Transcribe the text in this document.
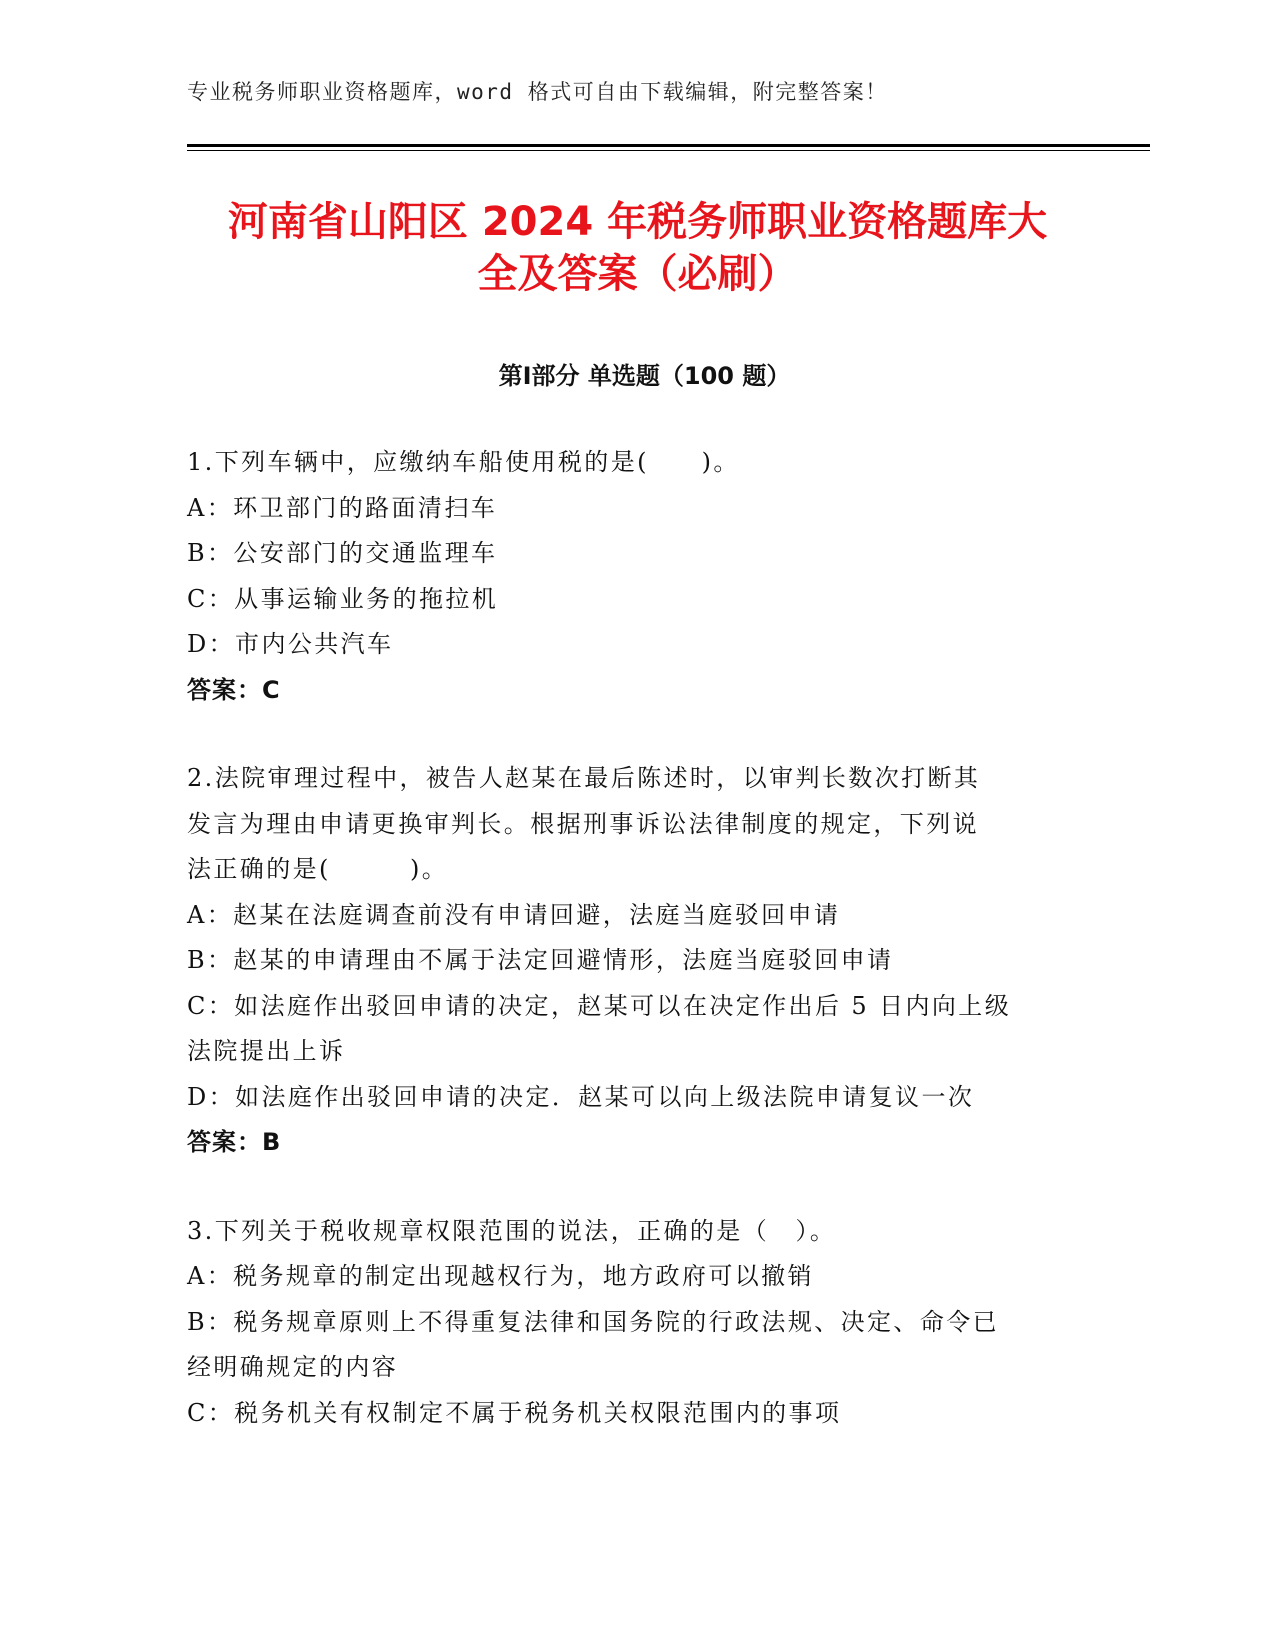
专业税务师职业资格题库，word 格式可自由下载编辑，附完整答案！
河南省山阳区 2024 年税务师职业资格题库大
全及答案（必刷）
第Ⅰ部分 单选题（100 题）
1.下列车辆中，应缴纳车船使用税的是(　　)。
A：环卫部门的路面清扫车
B：公安部门的交通监理车
C：从事运输业务的拖拉机
D：市内公共汽车
答案：C
2.法院审理过程中，被告人赵某在最后陈述时，以审判长数次打断其
发言为理由申请更换审判长。根据刑事诉讼法律制度的规定，下列说
法正确的是(　　　)。
A：赵某在法庭调查前没有申请回避，法庭当庭驳回申请
B：赵某的申请理由不属于法定回避情形，法庭当庭驳回申请
C：如法庭作出驳回申请的决定，赵某可以在决定作出后 5 日内向上级
法院提出上诉
D：如法庭作出驳回申请的决定．赵某可以向上级法院申请复议一次
答案：B
3.下列关于税收规章权限范围的说法，正确的是（　）。
A：税务规章的制定出现越权行为，地方政府可以撤销
B：税务规章原则上不得重复法律和国务院的行政法规、决定、命令已
经明确规定的内容
C：税务机关有权制定不属于税务机关权限范围内的事项
